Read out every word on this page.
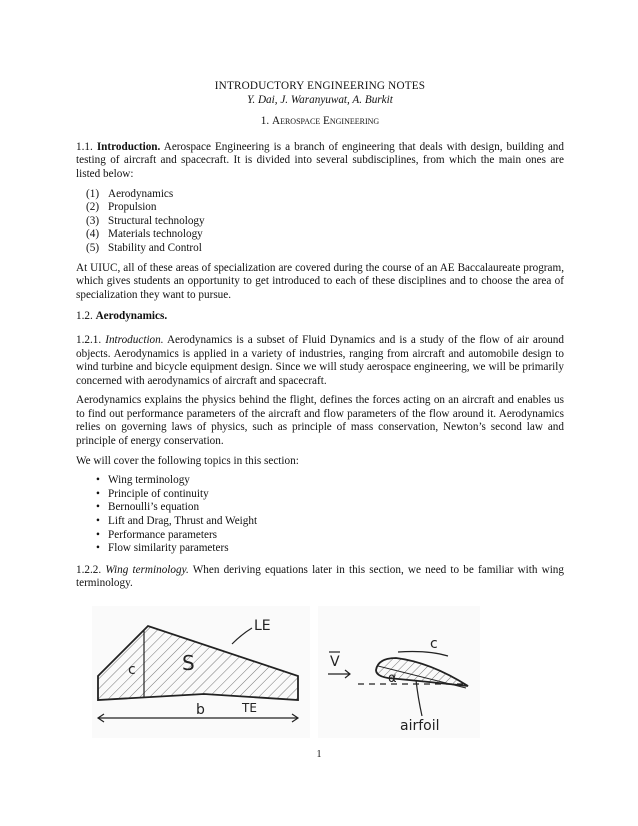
INTRODUCTORY ENGINEERING NOTES
Y. Dai, J. Waranyuwat, A. Burkit
1. Aerospace Engineering

1.1. Introduction. Aerospace Engineering is a branch of engineering that deals with design, building and testing of aircraft and spacecraft. It is divided into several subdisciplines, from which the main ones are listed below:

(1) Aerodynamics
(2) Propulsion
(3) Structural technology
(4) Materials technology
(5) Stability and Control

At UIUC, all of these areas of specialization are covered during the course of an AE Baccalaureate program, which gives students an opportunity to get introduced to each of these disciplines and to choose the area of specialization they want to pursue.

1.2. Aerodynamics.

1.2.1. Introduction. Aerodynamics is a subset of Fluid Dynamics and is a study of the flow of air around objects. Aerodynamics is applied in a variety of industries, ranging from aircraft and automobile design to wind turbine and bicycle equipment design. Since we will study aerospace engineering, we will be primarily concerned with aerodynamics of aircraft and spacecraft.

Aerodynamics explains the physics behind the flight, defines the forces acting on an aircraft and enables us to find out performance parameters of the aircraft and flow parameters of the flow around it. Aerodynamics relies on governing laws of physics, such as principle of mass conservation, Newton’s second law and principle of energy conservation.

We will cover the following topics in this section:

• Wing terminology
• Principle of continuity
• Bernoulli’s equation
• Lift and Drag, Thrust and Weight
• Performance parameters
• Flow similarity parameters

1.2.2. Wing terminology. When deriving equations later in this section, we need to be familiar with wing terminology.

LE
S
c
b	TE
V
c
α
airfoil
1
